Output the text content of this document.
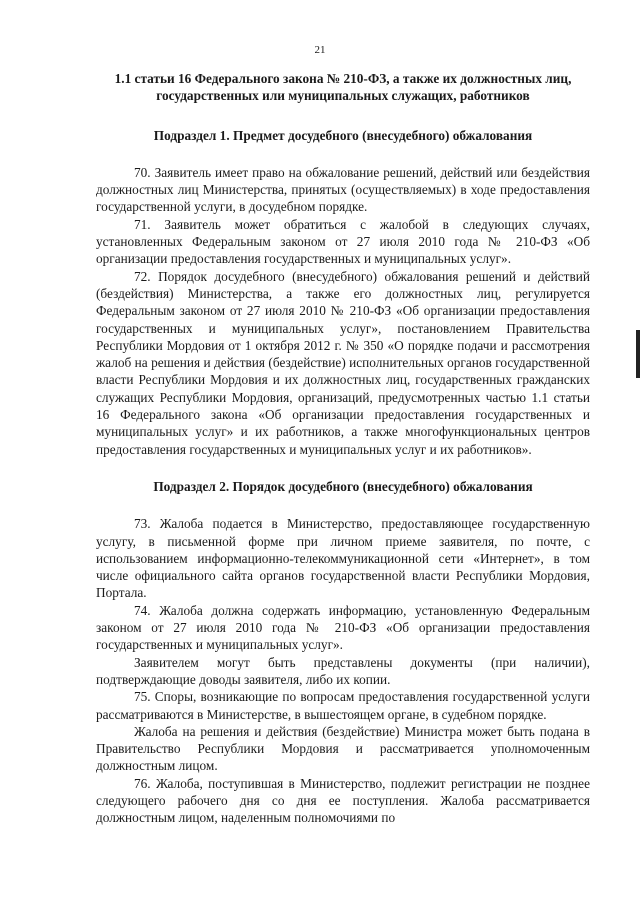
21

1.1 статьи 16 Федерального закона № 210-ФЗ, а также их должностных лиц, государственных или муниципальных служащих, работников

Подраздел 1. Предмет досудебного (внесудебного) обжалования

70. Заявитель имеет право на обжалование решений, действий или бездействия должностных лиц Министерства, принятых (осуществляемых) в ходе предоставления государственной услуги, в досудебном порядке.

71. Заявитель может обратиться с жалобой в следующих случаях, установленных Федеральным законом от 27 июля 2010 года № 210-ФЗ «Об организации предоставления государственных и муниципальных услуг».

72. Порядок досудебного (внесудебного) обжалования решений и действий (бездействия) Министерства, а также его должностных лиц, регулируется Федеральным законом от 27 июля 2010 № 210-ФЗ «Об организации предоставления государственных и муниципальных услуг», постановлением Правительства Республики Мордовия от 1 октября 2012 г. № 350 «О порядке подачи и рассмотрения жалоб на решения и действия (бездействие) исполнительных органов государственной власти Республики Мордовия и их должностных лиц, государственных гражданских служащих Республики Мордовия, организаций, предусмотренных частью 1.1 статьи 16 Федерального закона «Об организации предоставления государственных и муниципальных услуг» и их работников, а также многофункциональных центров предоставления государственных и муниципальных услуг и их работников».

Подраздел 2. Порядок досудебного (внесудебного) обжалования

73. Жалоба подается в Министерство, предоставляющее государственную услугу, в письменной форме при личном приеме заявителя, по почте, с использованием информационно-телекоммуникационной сети «Интернет», в том числе официального сайта органов государственной власти Республики Мордовия, Портала.

74. Жалоба должна содержать информацию, установленную Федеральным законом от 27 июля 2010 года № 210-ФЗ «Об организации предоставления государственных и муниципальных услуг».

Заявителем могут быть представлены документы (при наличии), подтверждающие доводы заявителя, либо их копии.

75. Споры, возникающие по вопросам предоставления государственной услуги рассматриваются в Министерстве, в вышестоящем органе, в судебном порядке.

Жалоба на решения и действия (бездействие) Министра может быть подана в Правительство Республики Мордовия и рассматривается уполномоченным должностным лицом.

76. Жалоба, поступившая в Министерство, подлежит регистрации не позднее следующего рабочего дня со дня ее поступления. Жалоба рассматривается должностным лицом, наделенным полномочиями по
